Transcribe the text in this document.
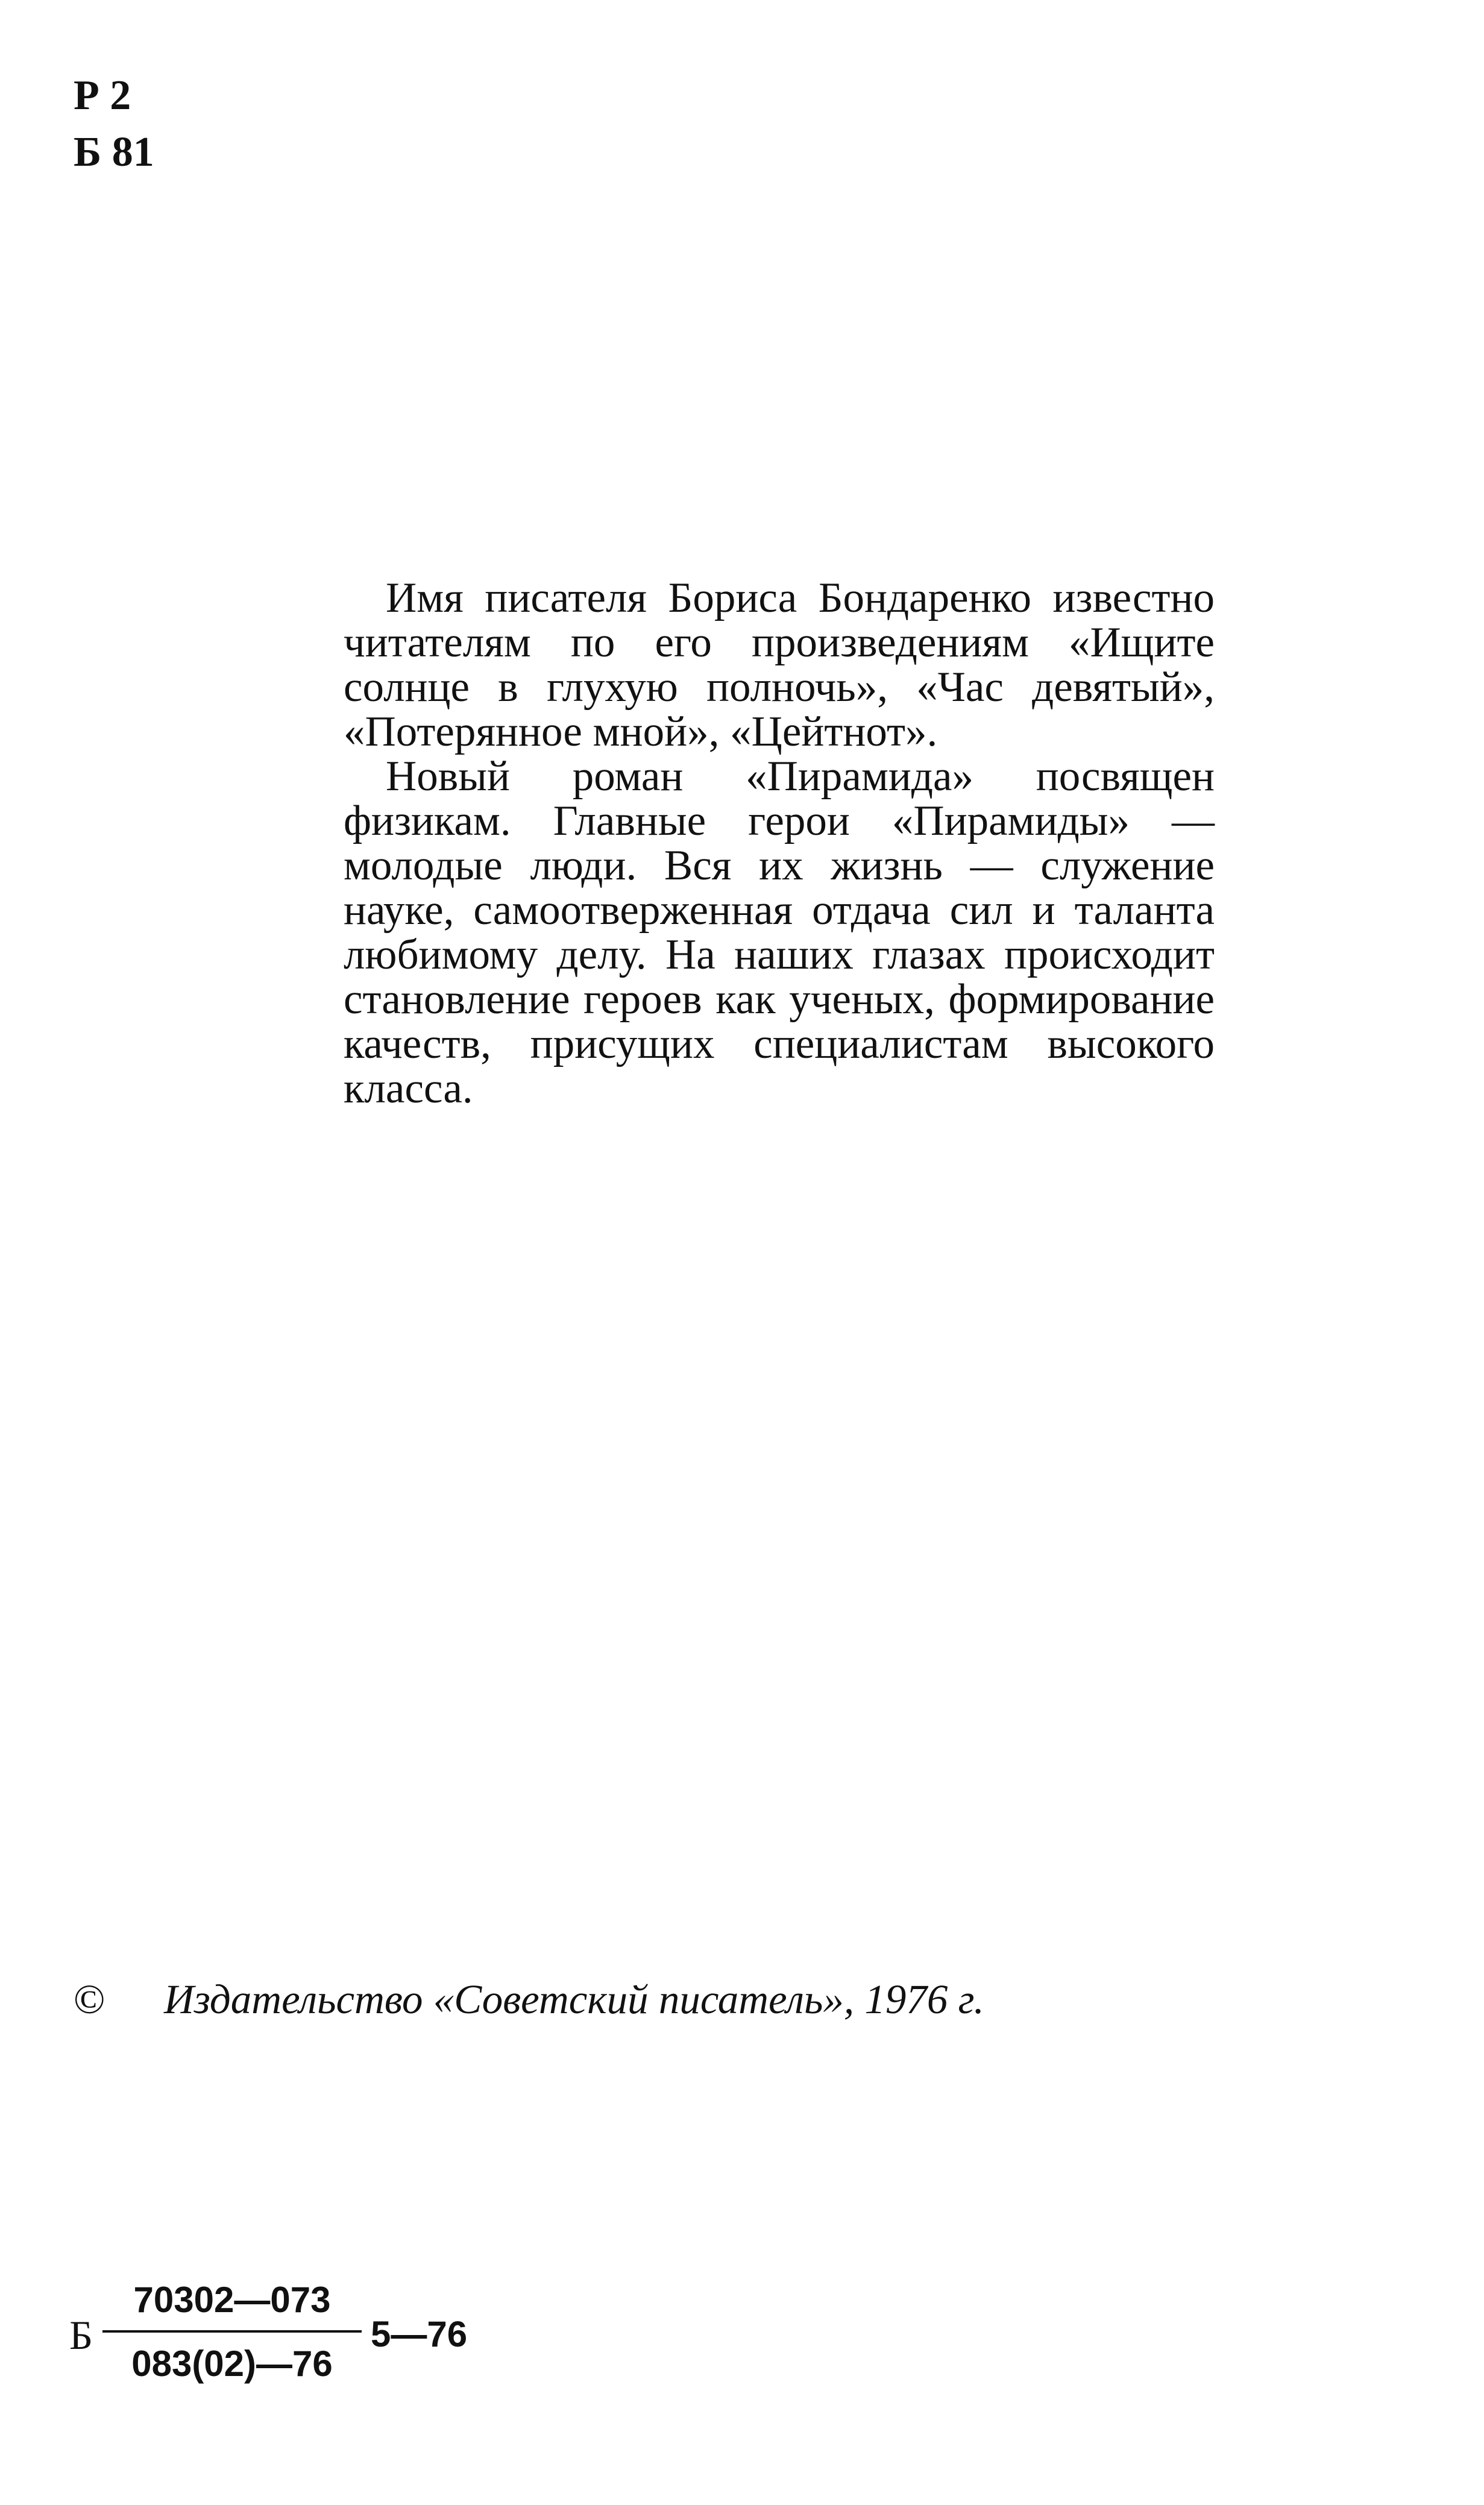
Р 2
Б 81

Имя писателя Бориса Бондаренко известно читателям по его произведениям «Ищите солнце в глухую полночь», «Час девятый», «Потерянное мной», «Цейтнот».

Новый роман «Пирамида» посвящен физикам. Главные герои «Пирамиды» — молодые люди. Вся их жизнь — служение науке, самоотверженная отдача сил и таланта любимому делу. На наших глазах происходит становление героев как ученых, формирование качеств, присущих специалистам высокого класса.

© Издательство «Советский писатель», 1976 г.
Б $\frac{70302—073}{083(02)—76}$ 5—76
